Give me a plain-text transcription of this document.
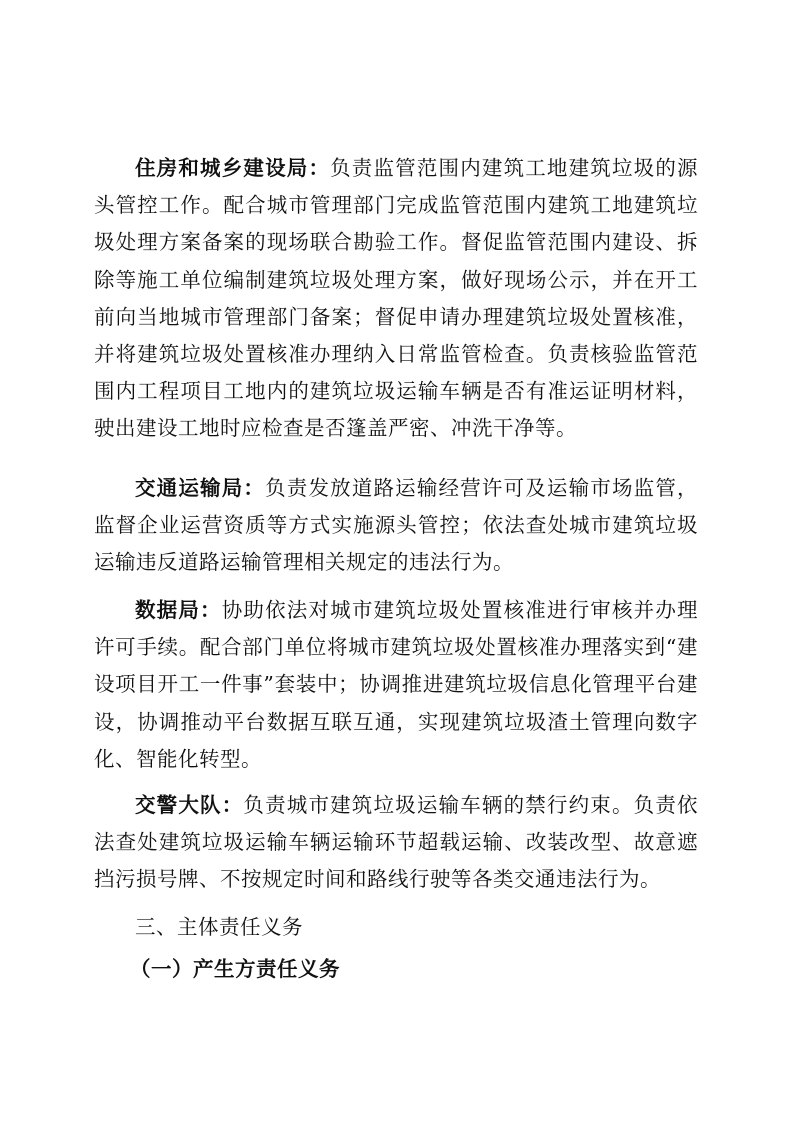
住房和城乡建设局：负责监管范围内建筑工地建筑垃圾的源头管控工作。配合城市管理部门完成监管范围内建筑工地建筑垃圾处理方案备案的现场联合勘验工作。督促监管范围内建设、拆除等施工单位编制建筑垃圾处理方案，做好现场公示，并在开工前向当地城市管理部门备案；督促申请办理建筑垃圾处置核准，并将建筑垃圾处置核准办理纳入日常监管检查。负责核验监管范围内工程项目工地内的建筑垃圾运输车辆是否有准运证明材料，驶出建设工地时应检查是否篷盖严密、冲洗干净等。

交通运输局：负责发放道路运输经营许可及运输市场监管，监督企业运营资质等方式实施源头管控；依法查处城市建筑垃圾运输违反道路运输管理相关规定的违法行为。

数据局：协助依法对城市建筑垃圾处置核准进行审核并办理许可手续。配合部门单位将城市建筑垃圾处置核准办理落实到“建设项目开工一件事”套装中；协调推进建筑垃圾信息化管理平台建设，协调推动平台数据互联互通，实现建筑垃圾渣土管理向数字化、智能化转型。

交警大队：负责城市建筑垃圾运输车辆的禁行约束。负责依法查处建筑垃圾运输车辆运输环节超载运输、改装改型、故意遮挡污损号牌、不按规定时间和路线行驶等各类交通违法行为。

三、主体责任义务

（一）产生方责任义务
